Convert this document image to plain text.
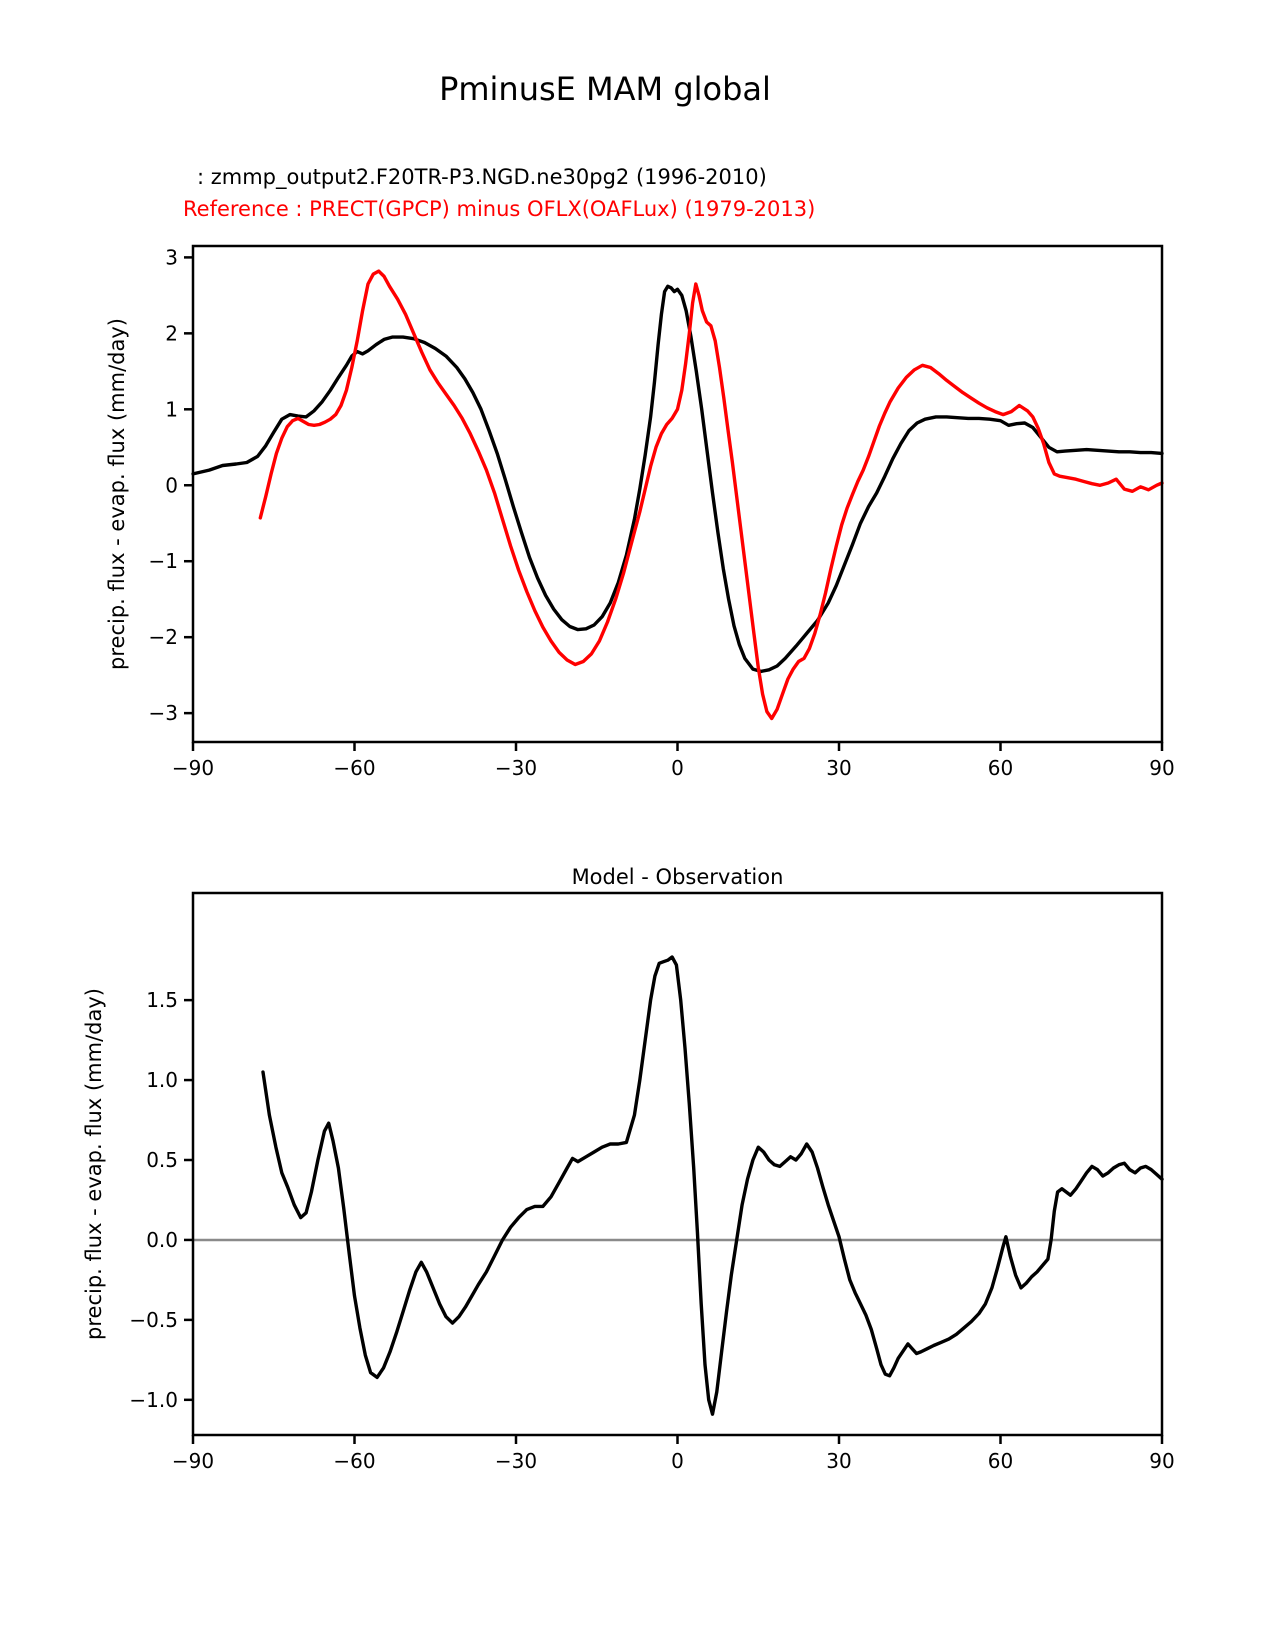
−90	−60	−30	0	30	60	90
3
2
1
0
−1
−2
−3
precip. flux - evap. flux (mm/day)
−90	−60	−30	0	30	60	90
1.5
1.0
0.5
0.0
−0.5
−1.0
precip. flux - evap. flux (mm/day)
Model - Observation
PminusE MAM global
: zmmp_output2.F20TR-P3.NGD.ne30pg2 (1996-2010)
Reference : PRECT(GPCP) minus OFLX(OAFLux) (1979-2013)
